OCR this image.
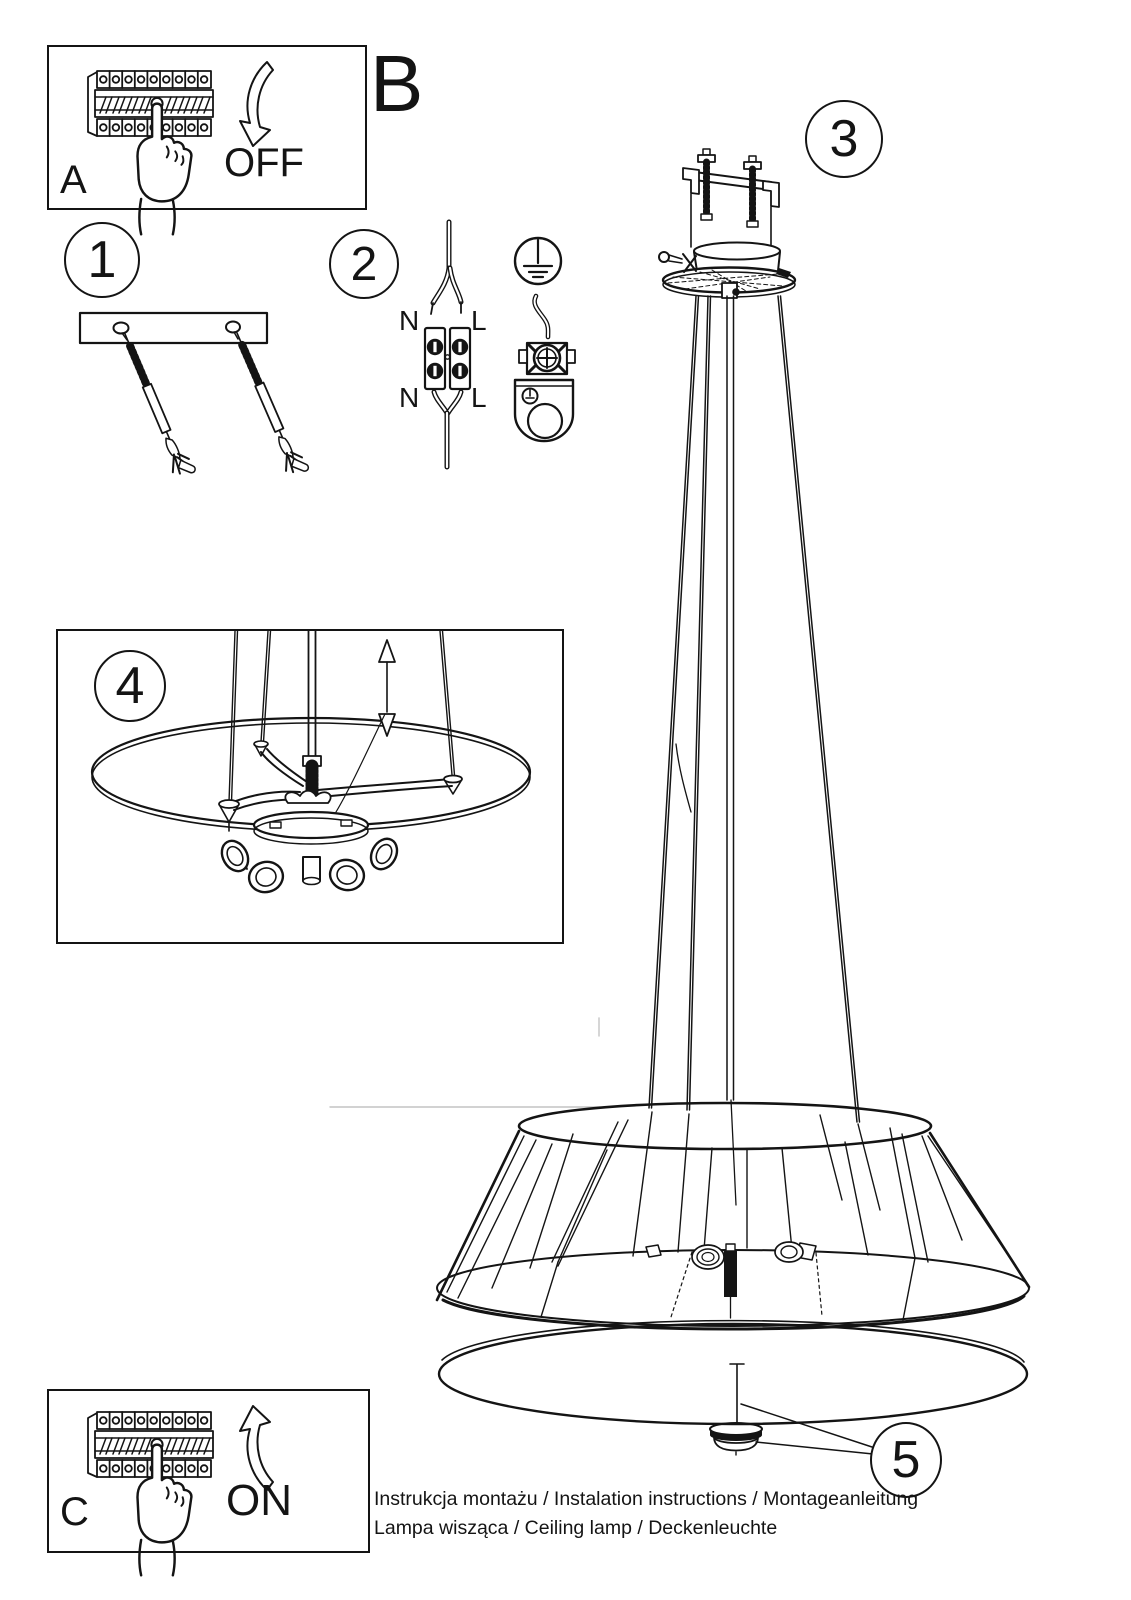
A	OFF
B
C	ON
N L
N L
1	2
3
4
5
Instrukcja montażu / Instalation instructions / Montageanleitung
Lampa wisząca / Ceiling lamp / Deckenleuchte
